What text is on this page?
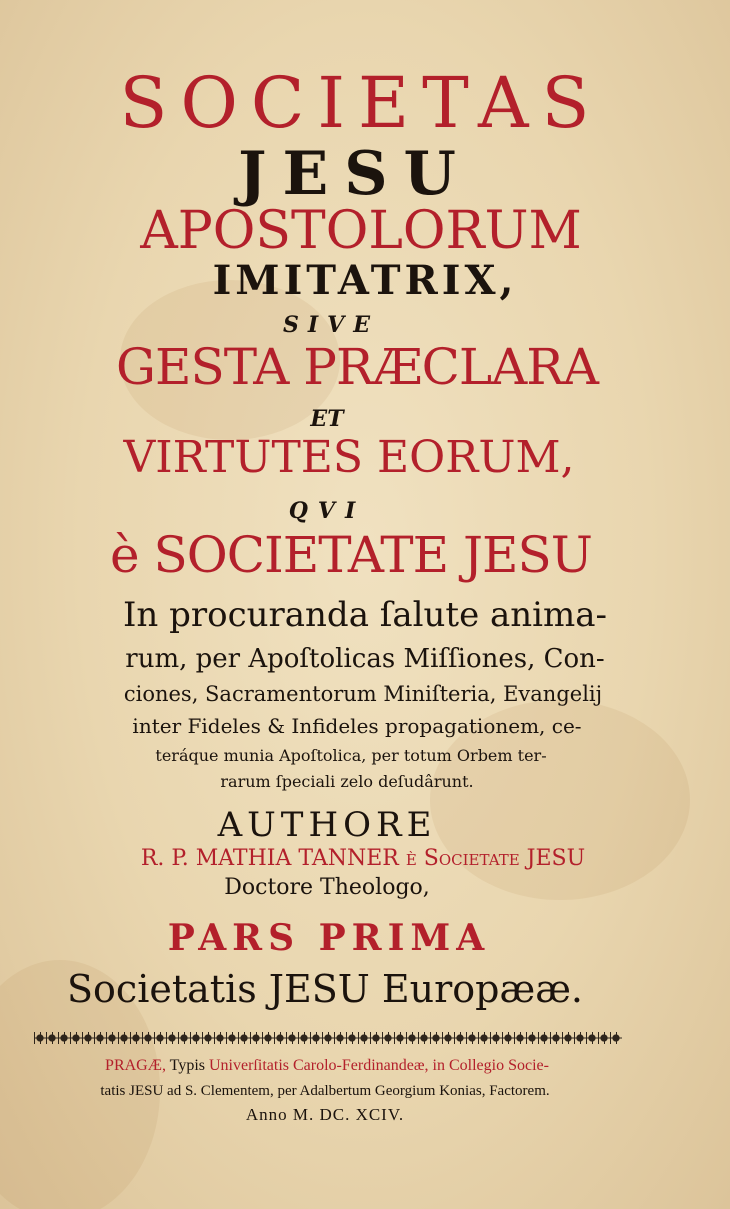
SOCIETAS
JESU
APOSTOLORUM
IMITATRIX,
SIVE
GESTA PRÆCLARA
ET
VIRTUTES EORUM,
QVI
è SOCIETATE JESU
In procuranda ſalute anima-
rum, per Apoſtolicas Miſſiones, Con-
ciones, Sacramentorum Miniſteria, Evangelij
inter Fideles & Infideles propagationem, ce-
teráque munia Apoſtolica, per totum Orbem ter-
rarum ſpeciali zelo deſudârunt.
AUTHORE
R. P. MATHIA TANNER è Societate JESU
Doctore Theologo,
PARS PRIMA
Societatis JESU Europææ.
PRAGÆ, Typis Univerſitatis Carolo-Ferdinandeæ, in Collegio Socie-
tatis JESU ad S. Clementem, per Adalbertum Georgium Konias, Factorem.
Anno M. DC. XCIV.
